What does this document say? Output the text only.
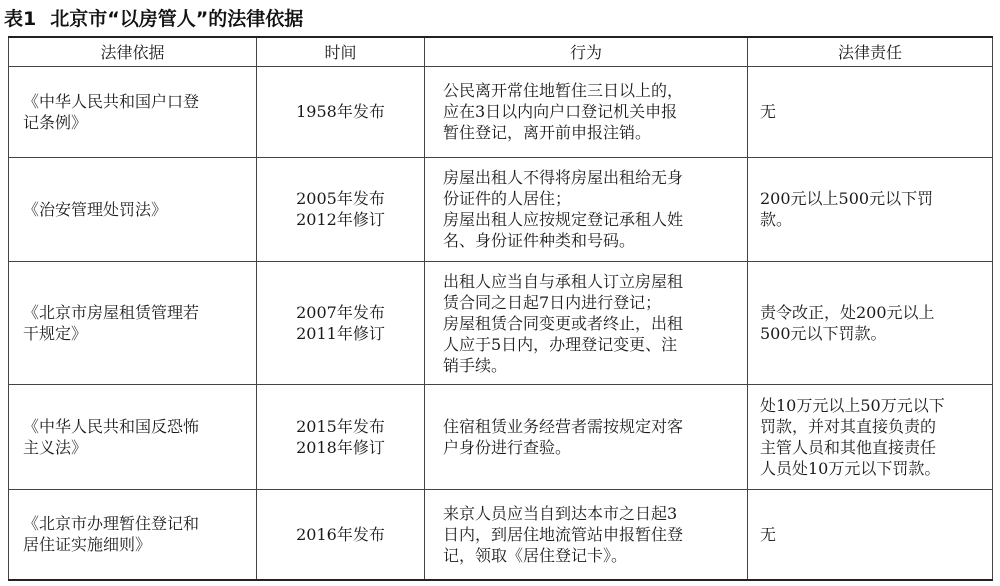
表1 北京市“以房管人”的法律依据
法律依据	时间	行为	法律责任

《中华人民共和国户口登
记条例》	1958年发布	公民离开常住地暂住三日以上的，
应在3日以内向户口登记机关申报
暂住登记，离开前申报注销。	无

《治安管理处罚法》	2005年发布
2012年修订	房屋出租人不得将房屋出租给无身
份证件的人居住；
房屋出租人应按规定登记承租人姓
名、身份证件种类和号码。	200元以上500元以下罚
款。

《北京市房屋租赁管理若
干规定》	2007年发布
2011年修订	出租人应当自与承租人订立房屋租
赁合同之日起7日内进行登记；
房屋租赁合同变更或者终止，出租
人应于5日内，办理登记变更、注
销手续。	责令改正，处200元以上
500元以下罚款。

《中华人民共和国反恐怖
主义法》	2015年发布
2018年修订	住宿租赁业务经营者需按规定对客
户身份进行查验。	处10万元以上50万元以下
罚款，并对其直接负责的
主管人员和其他直接责任
人员处10万元以下罚款。

《北京市办理暂住登记和
居住证实施细则》	2016年发布	来京人员应当自到达本市之日起3
日内，到居住地流管站申报暂住登
记，领取《居住登记卡》。	无
